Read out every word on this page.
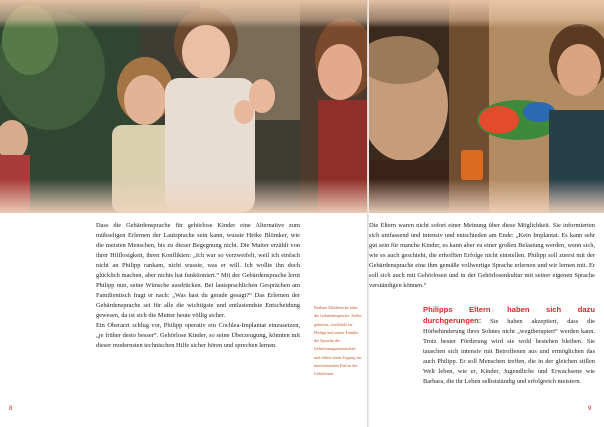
Dass die Gebärdensprache für gehörlose Kinder eine Alternative zum mühseligen Erlernen der Lautsprache sein kann, wusste Heike Blömker, wie die meisten Menschen, bis zu dieser Begegnung nicht. Die Mutter erzählt von ihrer Hilflosigkeit, ihren Konflikten: „Ich war so verzweifelt, weil ich einfach nicht an Philipp rankam, nicht wusste, was er will. Ich wollte ihn doch glücklich machen, aber nichts hat funktioniert.“ Mit der Gebärdensprache lernt Philipp nun, seine Wünsche ausdrücken. Bei lautsprachlichen Gesprächen am Familientisch fragt er nach: „Was hast du gerade gesagt?“ Das Erlernen der Gebärdensprache sei für alle die wichtigste und entlastendste Entscheidung gewesen, da ist sich die Mutter heute völlig sicher.

Ein Oberarzt schlug vor, Philipp operativ ein Cochlea-Implantat einzusetzen, „je früher desto besser“. Gehörlose Kinder, so seine Überzeugung, könnten mit dieser modernsten technischen Hilfe sicher hören und sprechen lernen.

Barbara Moldenecke lehrt die Gebärdensprache. Selbst gehörlos, erschließt sie Philipp und seiner Familie die Sprache der Gehörlosengemeinschaft und öffnet einen Zugang zur internationalen Kultur der Gehörlosen.

Die Eltern waren nicht sofort einer Meinung über diese Möglichkeit. Sie informierten sich umfassend und intensiv und entschieden am Ende: „Kein Implantat. Es kann sehr gut sein für manche Kinder, es kann aber zu einer großen Belastung werden, wenn sich, wie es auch geschieht, die erhofften Erfolge nicht einstellen. Philipp soll zuerst mit der Gebärdensprache eine ihm gemäße vollwertige Sprache erlernen und wir lernen mit. Er soll sich auch mit Gehörlosen und in der Gehörlosenkultur mit seiner eigenen Sprache verständigen können.“

Philipps Eltern haben sich dazu durchgerungen: Sie haben akzeptiert, dass die Hörbehinderung ihres Sohnes nicht „wegtherapiert“ werden kann. Trotz bester Förderung wird sie wohl bestehen bleiben. Sie tauschen sich intensiv mit Betroffenen aus und ermöglichen das auch Philipp. Er soll Menschen treffen, die in der gleichen stillen Welt leben, wie er, Kinder, Jugendliche und Erwachsene wie Barbara, die ihr Leben selbstständig und erfolgreich meistern.

8	9
